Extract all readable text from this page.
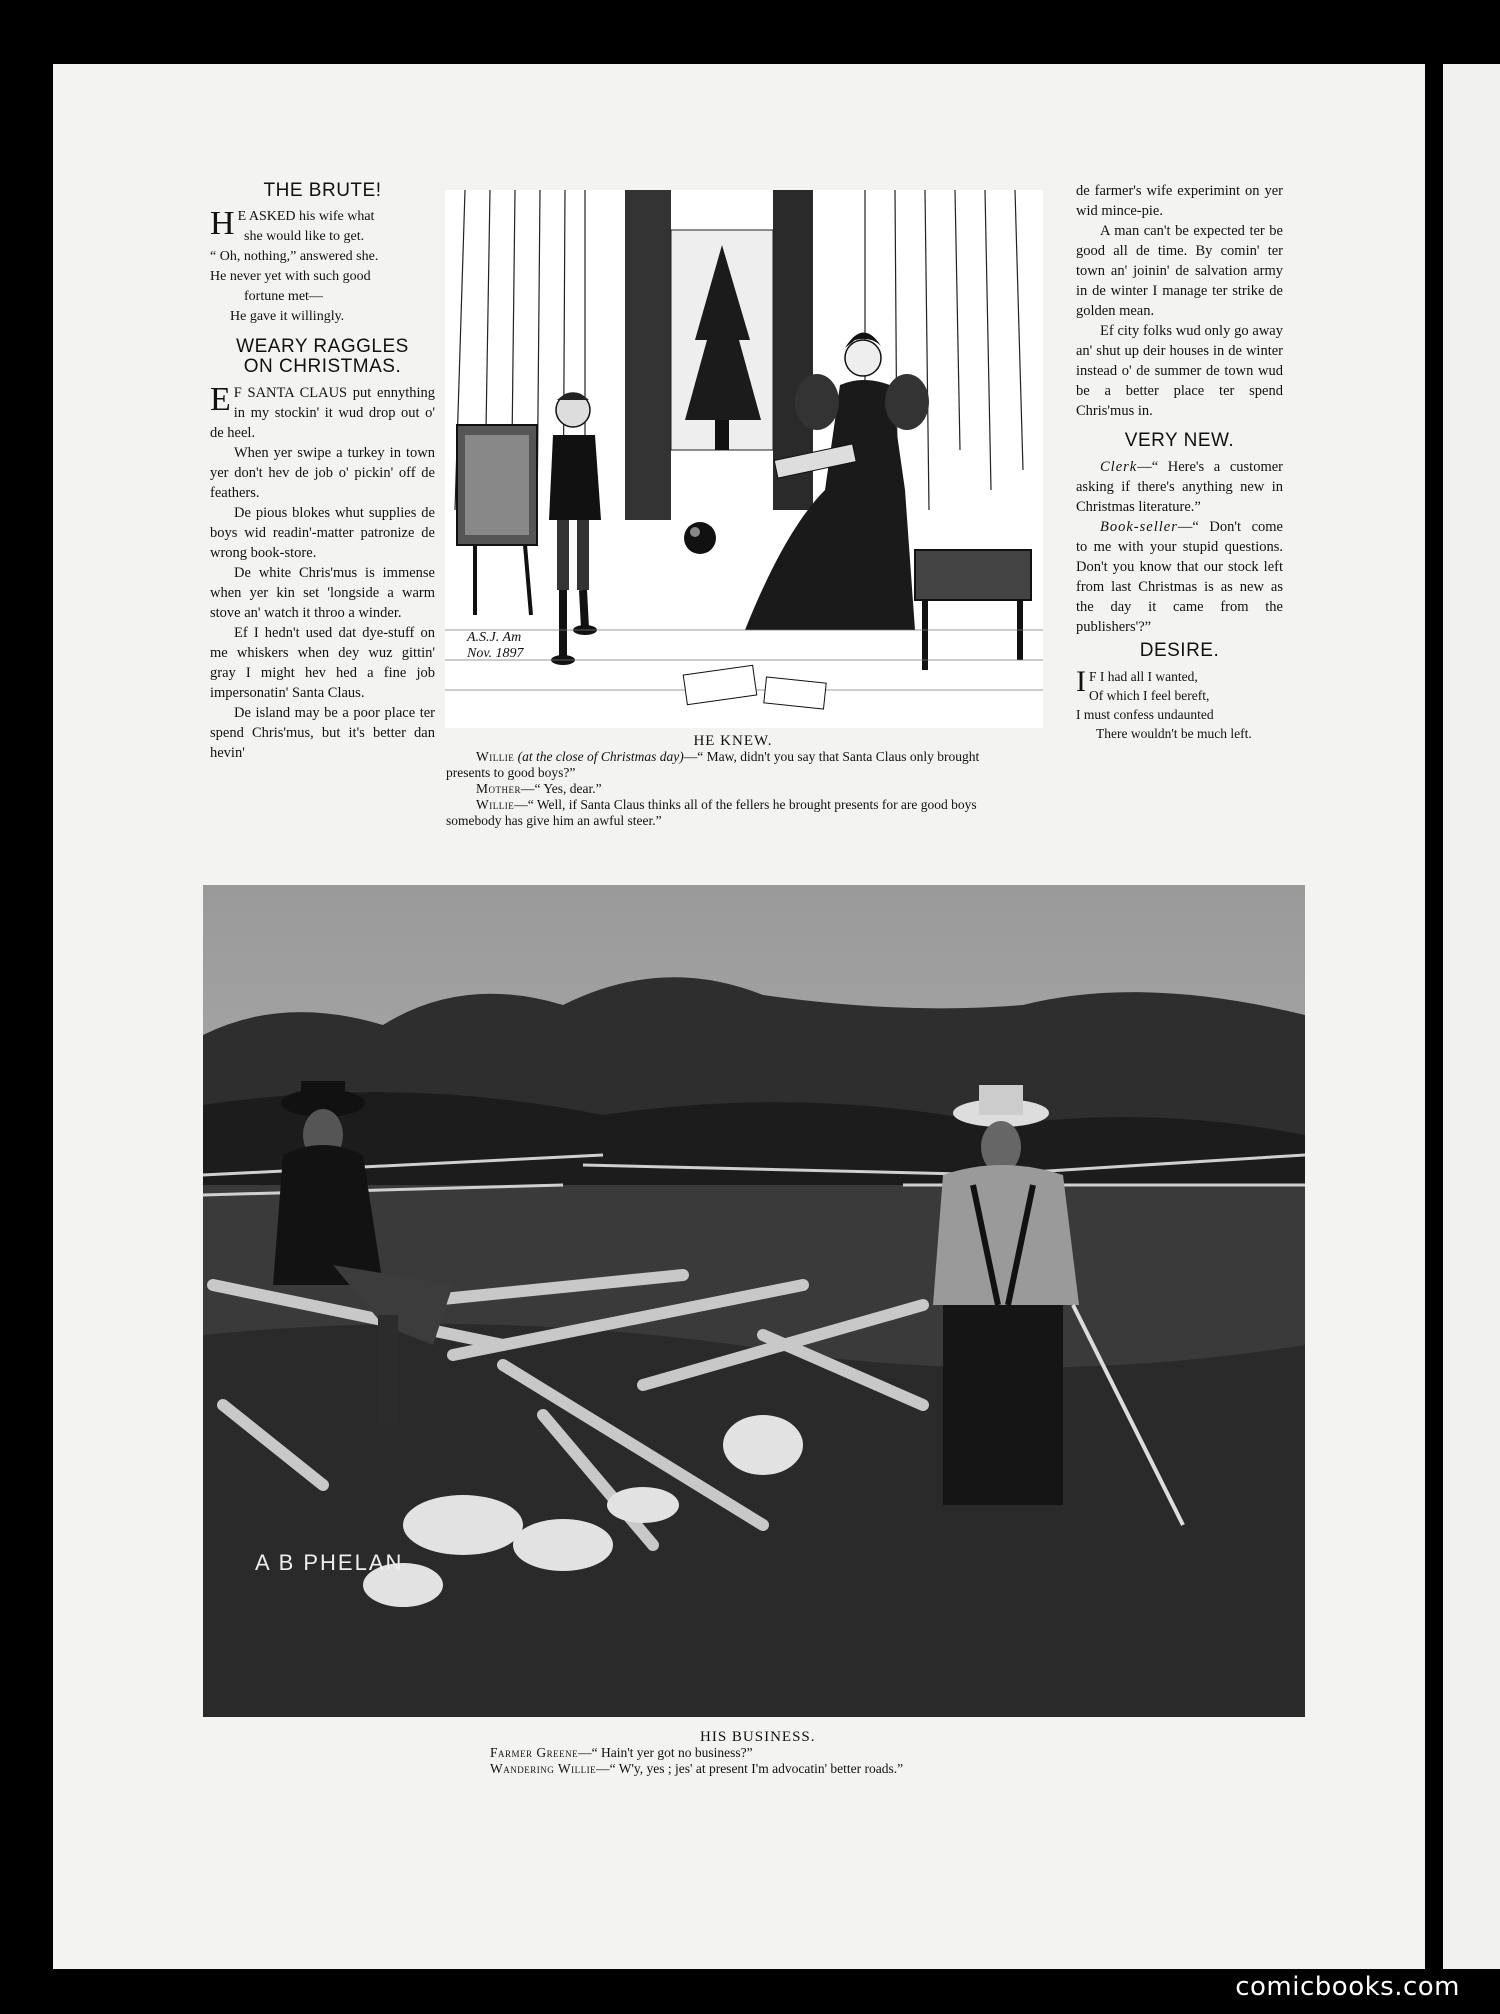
THE BRUTE!
H E ASKED his wife what
she would like to get.
“ Oh, nothing,” answered she.
He never yet with such good
fortune met—
He gave it willingly.
WEARY RAGGLES
ON CHRISTMAS.

E F SANTA CLAUS put ennything in my stockin' it wud drop out o' de heel.

When yer swipe a turkey in town yer don't hev de job o' pickin' off de feathers.

De pious blokes whut supplies de boys wid readin'-matter patronize de wrong book-store.

De white Chris'mus is immense when yer kin set 'longside a warm stove an' watch it throo a winder.

Ef I hedn't used dat dye-stuff on me whiskers when dey wuz gittin' gray I might hev hed a fine job impersonatin' Santa Claus.

De island may be a poor place ter spend Chris'mus, but it's better dan hevin'

A.S.J. Am Nov. 1897
HE KNEW.
Willie (at the close of Christmas day)—“ Maw, didn't you say that Santa Claus only brought presents to good boys?”
Mother—“ Yes, dear.”
Willie—“ Well, if Santa Claus thinks all of the fellers he brought presents for are good boys somebody has give him an awful steer.”

de farmer's wife experimint on yer wid mince-pie.

A man can't be expected ter be good all de time. By comin' ter town an' joinin' de salvation army in de winter I manage ter strike de golden mean.

Ef city folks wud only go away an' shut up deir houses in de winter instead o' de summer de town wud be a better place ter spend Chris'mus in.

VERY NEW.

Clerk—“ Here's a customer asking if there's anything new in Christmas literature.”

Book-seller—“ Don't come to me with your stupid questions. Don't you know that our stock left from last Christmas is as new as the day it came from the publishers'?”

DESIRE.
I F I had all I wanted,
Of which I feel bereft,
I must confess undaunted
There wouldn't be much left.
A B PHELAN
HIS BUSINESS.
Farmer Greene—“ Hain't yer got no business?”
Wandering Willie—“ W'y, yes ; jes' at present I'm advocatin' better roads.”
comicbooks.com
